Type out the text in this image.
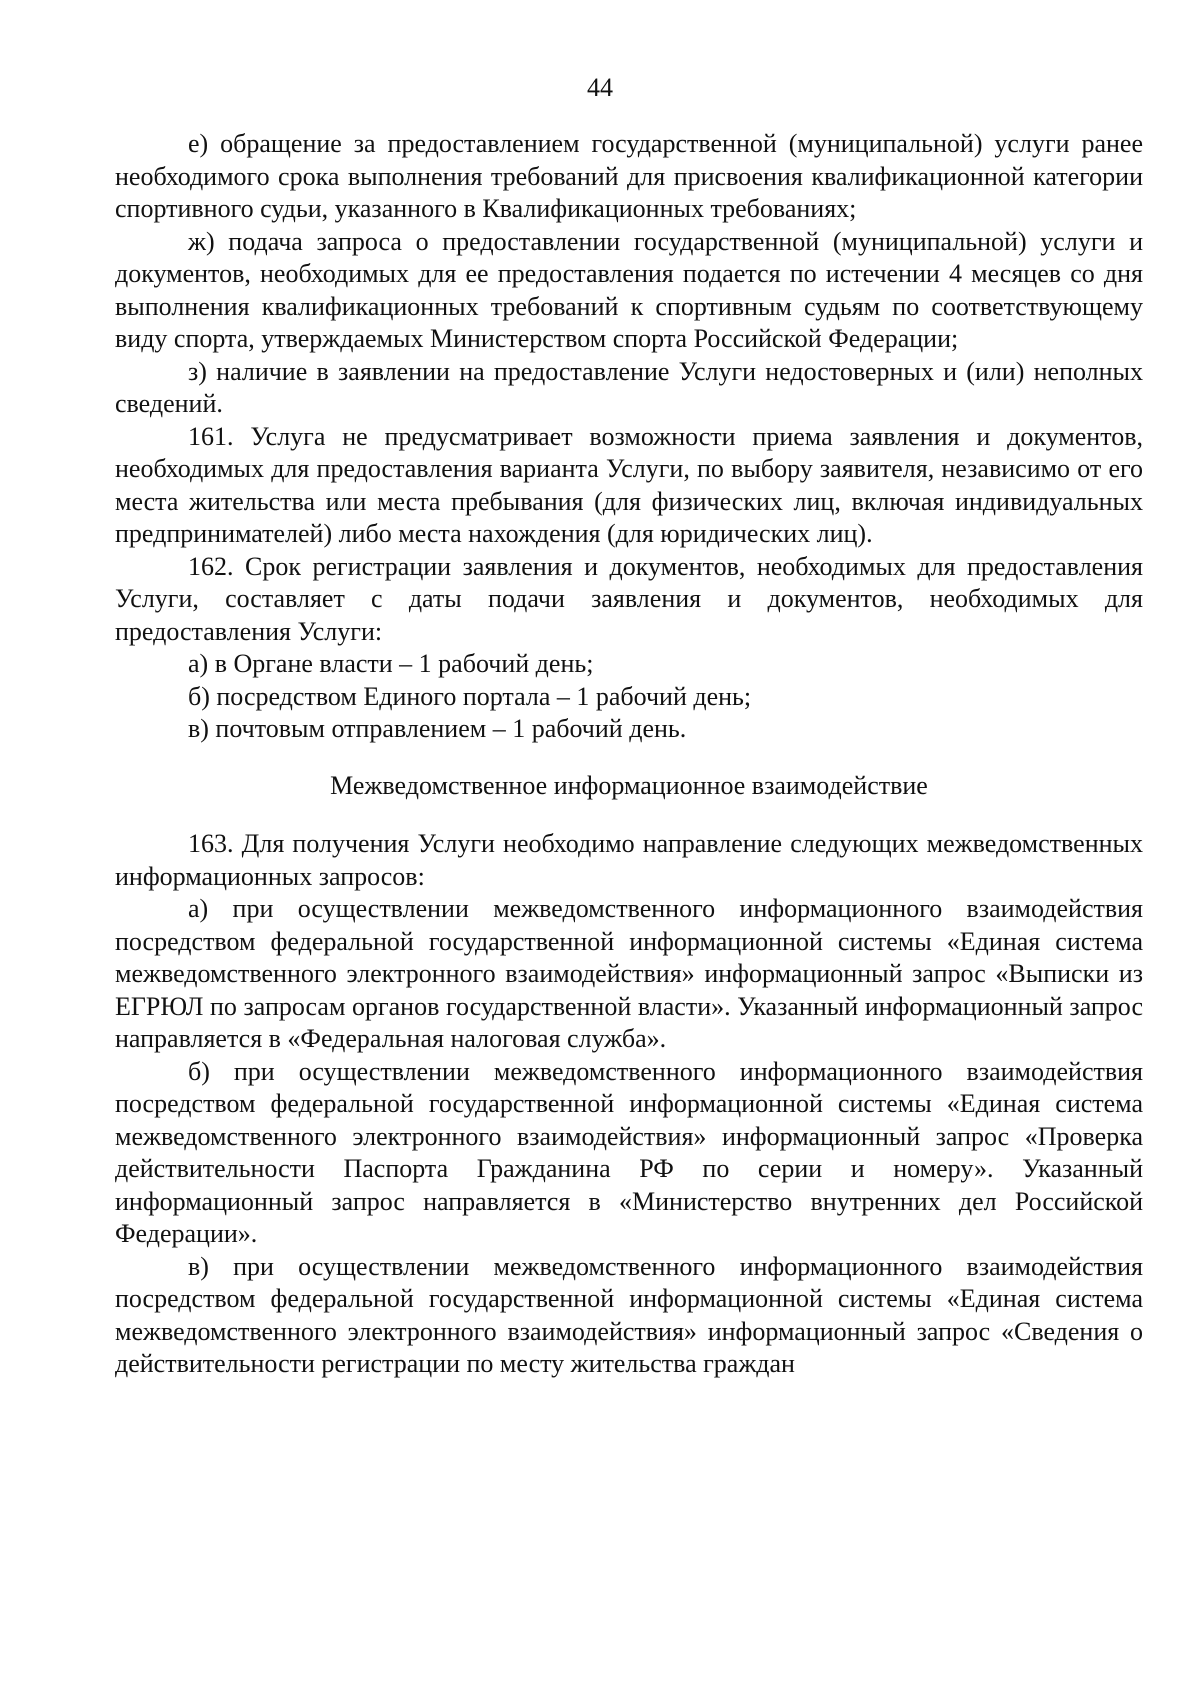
44

е) обращение за предоставлением государственной (муниципальной) услуги ранее необходимого срока выполнения требований для присвоения квалификационной категории спортивного судьи, указанного в Квалификационных требованиях;

ж) подача запроса о предоставлении государственной (муниципальной) услуги и документов, необходимых для ее предоставления подается по истечении 4 месяцев со дня выполнения квалификационных требований к спортивным судьям по соответствующему виду спорта, утверждаемых Министерством спорта Российской Федерации;

з) наличие в заявлении на предоставление Услуги недостоверных и (или) неполных сведений.

161. Услуга не предусматривает возможности приема заявления и документов, необходимых для предоставления варианта Услуги, по выбору заявителя, независимо от его места жительства или места пребывания (для физических лиц, включая индивидуальных предпринимателей) либо места нахождения (для юридических лиц).

162. Срок регистрации заявления и документов, необходимых для предоставления Услуги, составляет с даты подачи заявления и документов, необходимых для предоставления Услуги:

а) в Органе власти – 1 рабочий день;

б) посредством Единого портала – 1 рабочий день;

в) почтовым отправлением – 1 рабочий день.

Межведомственное информационное взаимодействие

163. Для получения Услуги необходимо направление следующих межведомственных информационных запросов:

а) при осуществлении межведомственного информационного взаимодействия посредством федеральной государственной информационной системы «Единая система межведомственного электронного взаимодействия» информационный запрос «Выписки из ЕГРЮЛ по запросам органов государственной власти». Указанный информационный запрос направляется в «Федеральная налоговая служба».

б) при осуществлении межведомственного информационного взаимодействия посредством федеральной государственной информационной системы «Единая система межведомственного электронного взаимодействия» информационный запрос «Проверка действительности Паспорта Гражданина РФ по серии и номеру». Указанный информационный запрос направляется в «Министерство внутренних дел Российской Федерации».

в) при осуществлении межведомственного информационного взаимодействия посредством федеральной государственной информационной системы «Единая система межведомственного электронного взаимодействия» информационный запрос «Сведения о действительности регистрации по месту жительства граждан
